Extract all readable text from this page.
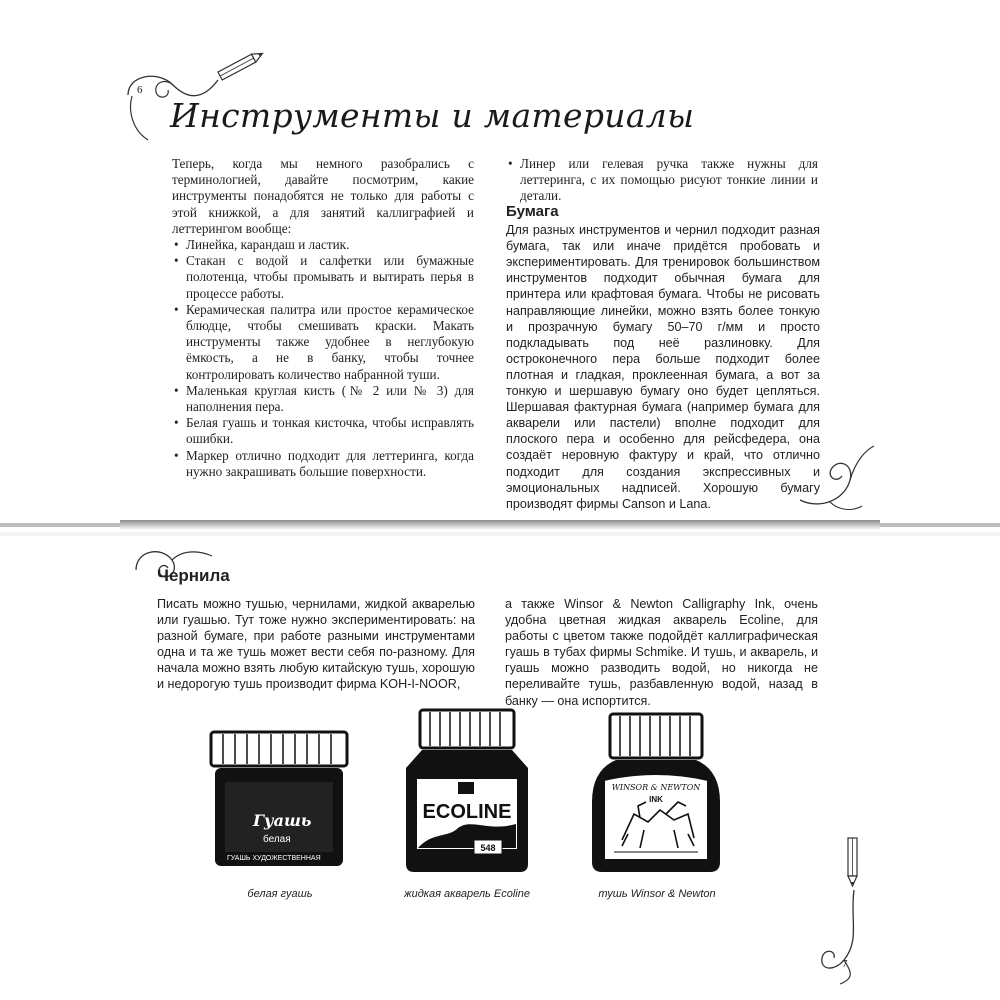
6
Инструменты и материалы

Теперь, когда мы немного разобрались с терминологией, давайте посмотрим, какие инструменты понадобятся не только для работы с этой книжкой, а для занятий каллиграфией и леттерингом вообще:

• Линейка, карандаш и ластик.
• Стакан с водой и салфетки или бумажные полотенца, чтобы промывать и вытирать перья в процессе работы.
• Керамическая палитра или простое керамическое блюдце, чтобы смешивать краски. Макать инструменты также удобнее в неглубокую ёмкость, а не в банку, чтобы точнее контролировать количество набранной туши.
• Маленькая круглая кисть (№ 2 или № 3) для наполнения пера.
• Белая гуашь и тонкая кисточка, чтобы исправлять ошибки.
• Маркер отлично подходит для леттеринга, когда нужно закрашивать большие поверхности.
• Линер или гелевая ручка также нужны для леттеринга, с их помощью рисуют тонкие линии и детали.
Бумага

Для разных инструментов и чернил подходит разная бумага, так или иначе придётся пробовать и экспериментировать. Для тренировок большинством инструментов подходит обычная бумага для принтера или крафтовая бумага. Чтобы не рисовать направляющие линейки, можно взять более тонкую и прозрачную бумагу 50–70 г/мм и просто подкладывать под неё разлиновку. Для остроконечного пера больше подходит более плотная и гладкая, проклеенная бумага, а вот за тонкую и шершавую бумагу оно будет цепляться. Шершавая фактурная бумага (например бумага для акварели или пастели) вполне подходит для плоского пера и особенно для рейсфедера, она создаёт неровную фактуру и край, что отлично подходит для создания экспрессивных и эмоциональных надписей. Хорошую бумагу производят фирмы Canson и Lana.

Чернила

Писать можно тушью, чернилами, жидкой акварелью или гуашью. Тут тоже нужно экспериментировать: на разной бумаге, при работе разными инструментами одна и та же тушь может вести себя по-разному. Для начала можно взять любую китайскую тушь, хорошую и недорогую тушь производит фирма KOH-I-NOOR,

а также Winsor & Newton Calligraphy Ink, очень удобна цветная жидкая акварель Ecoline, для работы с цветом также подойдёт каллиграфическая гуашь в тубах фирмы Schmike. И тушь, и акварель, и гуашь можно разводить водой, но никогда не переливайте тушь, разбавленную водой, назад в банку — она испортится.

Гуашь
белая
ГУАШЬ ХУДОЖЕСТВЕННАЯ
белая гуашь
ECOLINE
548
жидкая акварель Ecoline
WINSOR & NEWTON
INK
тушь Winsor & Newton
7
